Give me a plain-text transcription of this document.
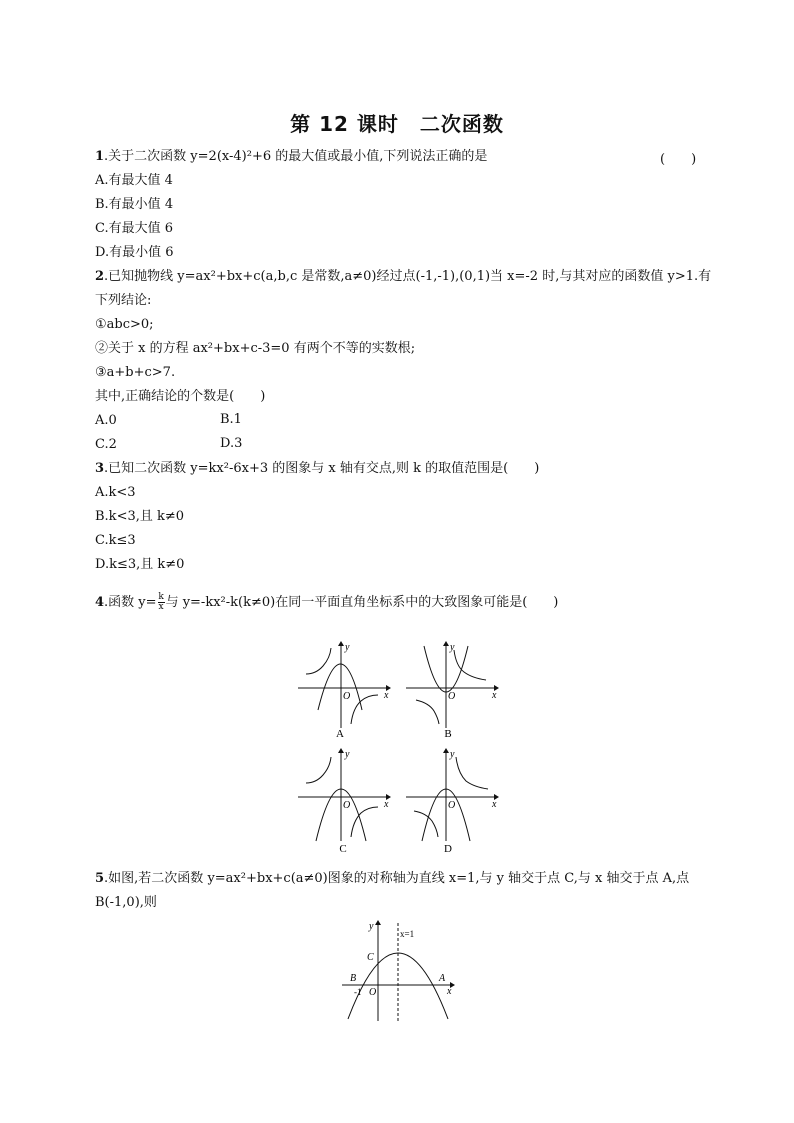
第 12 课时　二次函数
1.关于二次函数 y=2(x-4)²+6 的最大值或最小值,下列说法正确的是	(　　)
A.有最大值 4
B.有最小值 4
C.有最大值 6
D.有最小值 6
2.已知抛物线 y=ax²+bx+c(a,b,c 是常数,a≠0)经过点(-1,-1),(0,1)当 x=-2 时,与其对应的函数值 y>1.有
下列结论:
①abc>0;
②关于 x 的方程 ax²+bx+c-3=0 有两个不等的实数根;
③a+b+c>7.
其中,正确结论的个数是(　　)
A.0	B.1
C.2	D.3
3.已知二次函数 y=kx²-6x+3 的图象与 x 轴有交点,则 k 的取值范围是(　　)
A.k<3
B.k<3,且 k≠0
C.k≤3
D.k≤3,且 k≠0
4.函数 $y= \frac{k}{x}$ 与 y=-kx²-k(k≠0)在同一平面直角坐标系中的大致图象可能是(　　)
y
x
O
A
y
x
O
B
y
x
O
C
y
x
O
D
5.如图,若二次函数 y=ax²+bx+c(a≠0)图象的对称轴为直线 x=1,与 y 轴交于点 C,与 x 轴交于点 A,点
B(-1,0),则
y
x
x=1
C
B	A
-1 O
